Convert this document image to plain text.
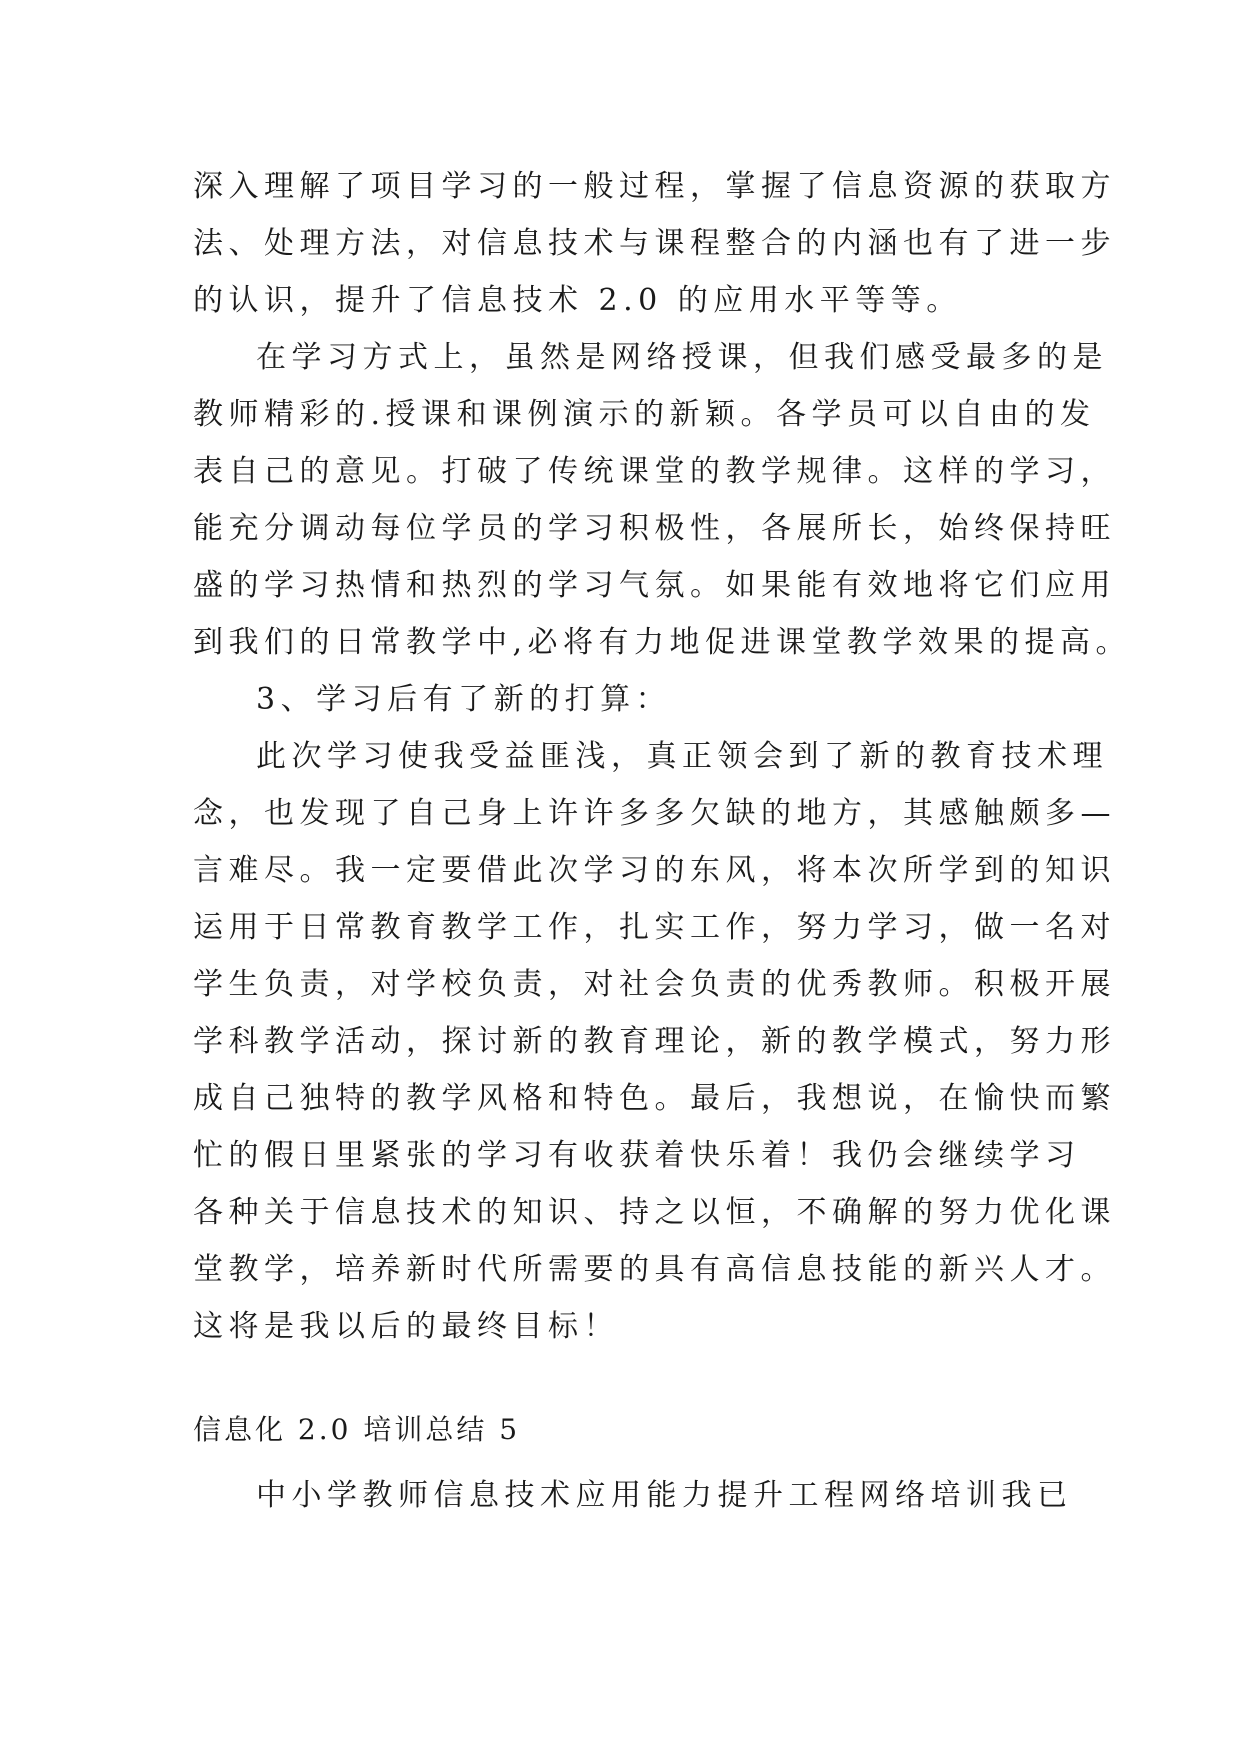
深入理解了项目学习的一般过程，掌握了信息资源的获取方
法、处理方法，对信息技术与课程整合的内涵也有了进一步
的认识，提升了信息技术 2.0 的应用水平等等。
在学习方式上，虽然是网络授课，但我们感受最多的是
教师精彩的.授课和课例演示的新颖。各学员可以自由的发
表自己的意见。打破了传统课堂的教学规律。这样的学习，
能充分调动每位学员的学习积极性，各展所长，始终保持旺
盛的学习热情和热烈的学习气氛。如果能有效地将它们应用
到我们的日常教学中,必将有力地促进课堂教学效果的提高。
3、学习后有了新的打算：
此次学习使我受益匪浅，真正领会到了新的教育技术理
念，也发现了自己身上许许多多欠缺的地方，其感触颇多—
言难尽。我一定要借此次学习的东风，将本次所学到的知识
运用于日常教育教学工作，扎实工作，努力学习，做一名对
学生负责，对学校负责，对社会负责的优秀教师。积极开展
学科教学活动，探讨新的教育理论，新的教学模式，努力形
成自己独特的教学风格和特色。最后，我想说，在愉快而繁
忙的假日里紧张的学习有收获着快乐着！我仍会继续学习
各种关于信息技术的知识、持之以恒，不确解的努力优化课
堂教学，培养新时代所需要的具有高信息技能的新兴人才。
这将是我以后的最终目标！
信息化 2.0 培训总结 5
中小学教师信息技术应用能力提升工程网络培训我已
